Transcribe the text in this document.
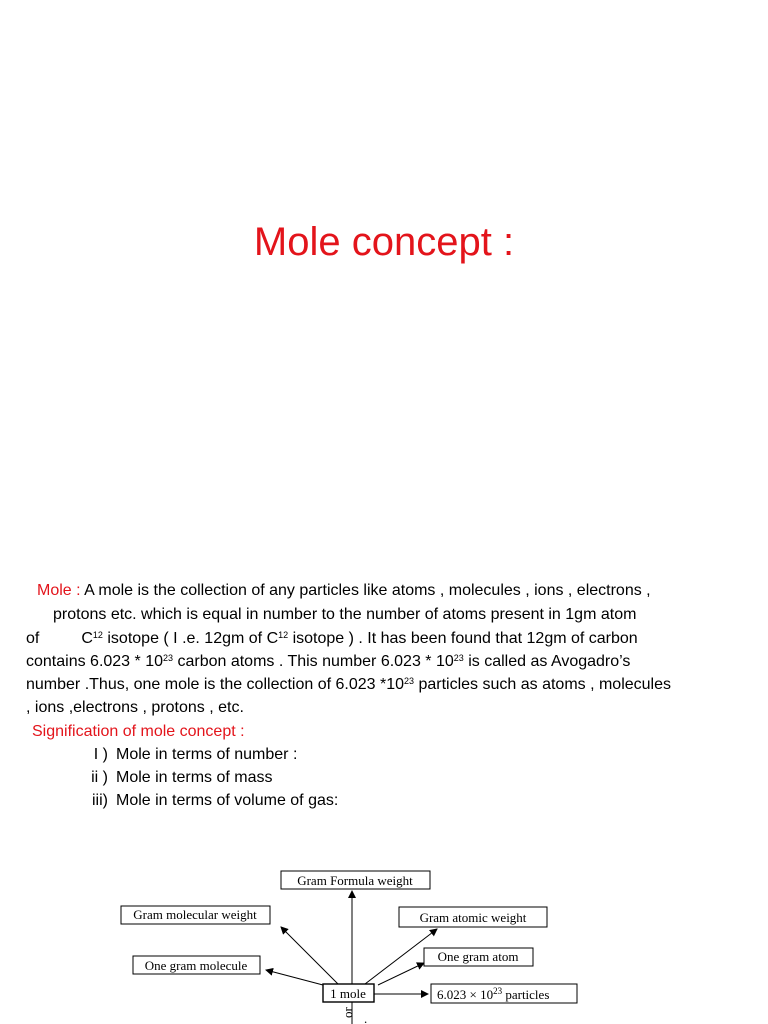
Mole concept :
Mole : A mole is the collection of any particles like atoms , molecules , ions , electrons ,
protons etc. which is equal in number to the number of atoms present in 1gm atom
of	$C^{12}$ isotope ( I .e. 12gm of $C^{12}$ isotope ) . It has been found that 12gm of carbon
contains $6.023 * 10^{23}$ carbon atoms . This number $6.023 * 10^{23}$ is called as Avogadro’s
number .Thus, one mole is the collection of 6.023 $*10^{23}$ particles such as atoms , molecules
, ions ,electrons , protons , etc.
Signification of mole concept :
I ) Mole in terms of number :
ii ) Mole in terms of mass
iii) Mole in terms of volume of gas:
Gram Formula weight
Gram molecular weight	Gram atomic weight
One gram molecule
One gram atom
1 mole	$6.023 \times 10^{23}$ particles
or .
